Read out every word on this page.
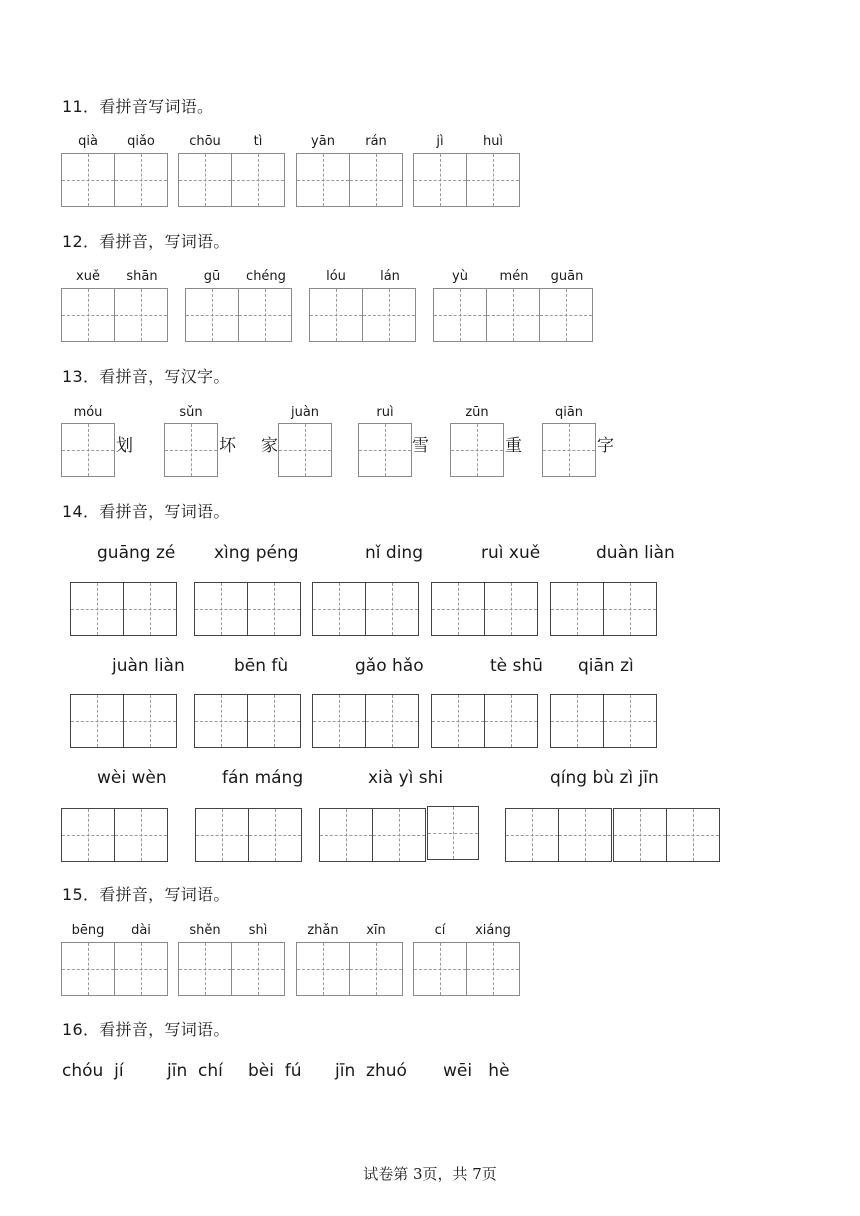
11．看拼音写词语。
qià	qiǎo	chōu	tì	yān	rán	jì	huì
12．看拼音，写词语。
xuě	shān	gū	chéng	lóu	lán	yù	mén	guān
13．看拼音，写汉字。
móu
划
sǔn
坏 家
juàn	ruì
雪
zūn
重
qiān
字
14．看拼音，写词语。
guāng zé xìng péng	nǐ ding	ruì xuě	duàn liàn
juàn liàn	bēn fù	gǎo hǎo	tè shū qiān zì
wèi wèn	fán máng	xià yì shi	qíng bù zì jīn
15．看拼音，写词语。
bēng	dài	shěn	shì	zhǎn	xīn	cí	xiáng
16．看拼音，写词语。
chóu  jí	jīn  chí bèi  fú jīn  zhuó wēi   hè
试卷第 3页，共 7页
